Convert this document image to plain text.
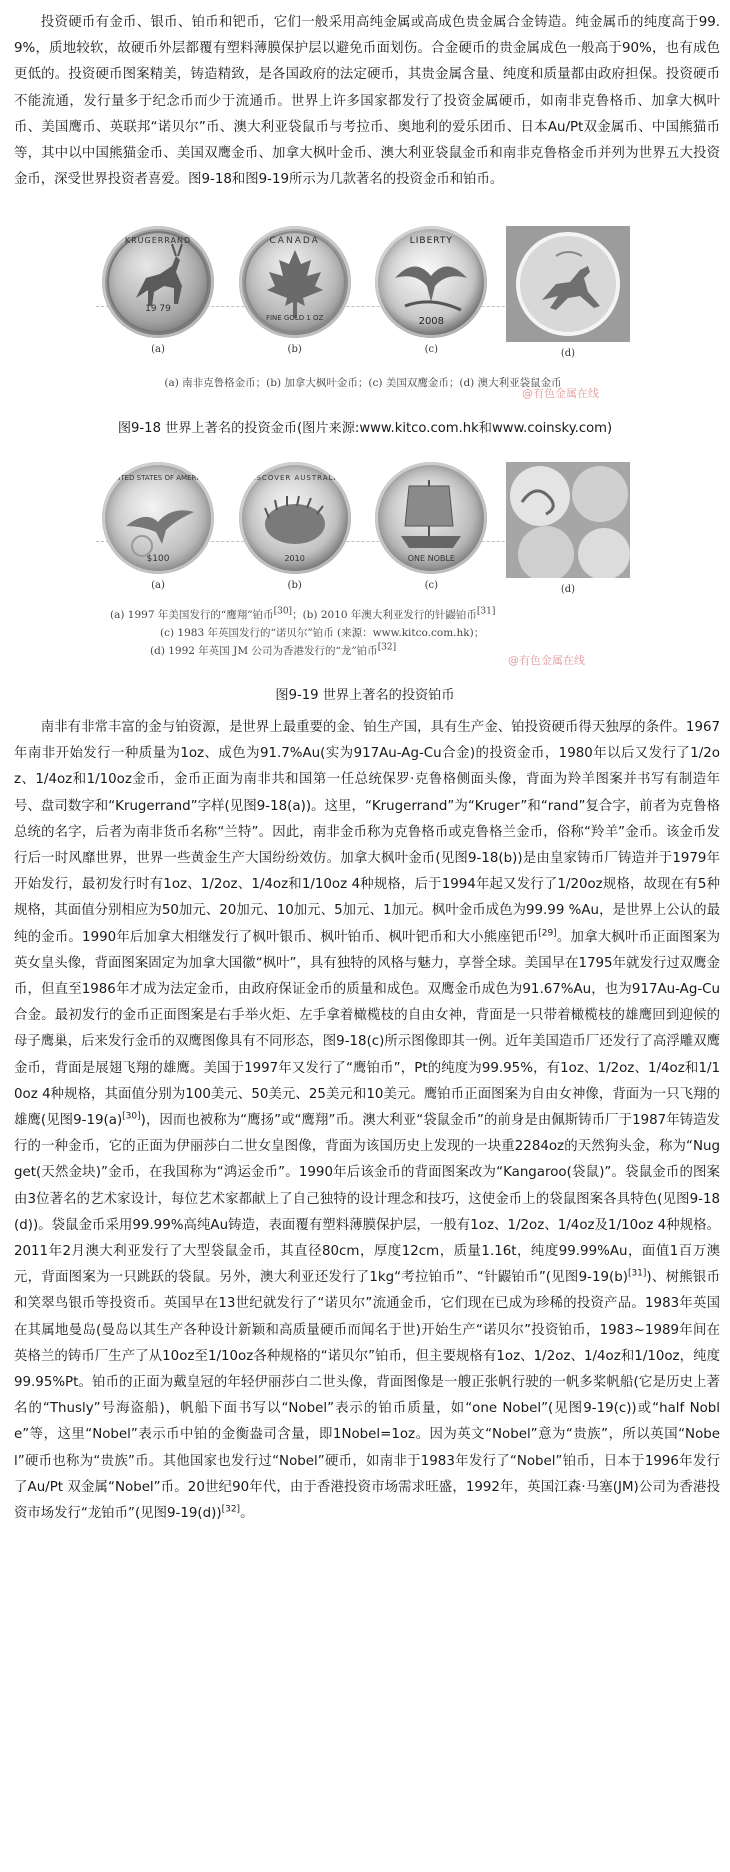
投资硬币有金币、银币、铂币和钯币，它们一般采用高纯金属或高成色贵金属合金铸造。纯金属币的纯度高于99.9%，质地较软，故硬币外层都覆有塑料薄膜保护层以避免币面划伤。合金硬币的贵金属成色一般高于90%，也有成色更低的。投资硬币图案精美，铸造精致，是各国政府的法定硬币，其贵金属含量、纯度和质量都由政府担保。投资硬币不能流通，发行量多于纪念币而少于流通币。世界上许多国家都发行了投资金属硬币，如南非克鲁格币、加拿大枫叶币、美国鹰币、英联邦“诺贝尔”币、澳大利亚袋鼠币与考拉币、奥地利的爱乐团币、日本Au/Pt双金属币、中国熊猫币等，其中以中国熊猫金币、美国双鹰金币、加拿大枫叶金币、澳大利亚袋鼠金币和南非克鲁格金币并列为世界五大投资金币，深受世界投资者喜爱。图9-18和图9-19所示为几款著名的投资金币和铂币。

KRUGERRAND
19 79
(a)
CANADA
FINE GOLD 1 OZ
(b)
LIBERTY
2008
(c)	(d)
(a) 南非克鲁格金币；(b) 加拿大枫叶金币；(c) 美国双鹰金币；(d) 澳大利亚袋鼠金币
@有色金属在线
图9-18 世界上著名的投资金币(图片来源:www.kitco.com.hk和www.coinsky.com)
UNITED STATES OF AMERICA
$100
(a)
DISCOVER AUSTRALIA
2010
(b)
ONE NOBLE
(c)	(d)
(a) 1997 年美国发行的“鹰翔”铂币[30]；(b) 2010 年澳大利亚发行的针鼹铂币[31]
(c) 1983 年英国发行的“诺贝尔”铂币 (来源：www.kitco.com.hk)；
(d) 1992 年英国 JM 公司为香港发行的“龙”铂币[32]
@有色金属在线
图9-19 世界上著名的投资铂币

南非有非常丰富的金与铂资源，是世界上最重要的金、铂生产国，具有生产金、铂投资硬币得天独厚的条件。1967年南非开始发行一种质量为1oz、成色为91.7%Au(实为917Au-Ag-Cu合金)的投资金币，1980年以后又发行了1/2oz、1/4oz和1/10oz金币，金币正面为南非共和国第一任总统保罗·克鲁格侧面头像，背面为羚羊图案并书写有制造年号、盘司数字和“Krugerrand”字样(见图9-18(a))。这里，“Krugerrand”为“Kruger”和“rand”复合字，前者为克鲁格总统的名字，后者为南非货币名称“兰特”。因此，南非金币称为克鲁格币或克鲁格兰金币，俗称“羚羊”金币。该金币发行后一时风靡世界，世界一些黄金生产大国纷纷效仿。加拿大枫叶金币(见图9-18(b))是由皇家铸币厂铸造并于1979年开始发行，最初发行时有1oz、1/2oz、1/4oz和1/10oz 4种规格，后于1994年起又发行了1/20oz规格，故现在有5种规格，其面值分别相应为50加元、20加元、10加元、5加元、1加元。枫叶金币成色为99.99 %Au，是世界上公认的最纯的金币。1990年后加拿大相继发行了枫叶银币、枫叶铂币、枫叶钯币和大小熊座钯币[29]。加拿大枫叶币正面图案为英女皇头像，背面图案固定为加拿大国徽“枫叶”，具有独特的风格与魅力，享誉全球。美国早在1795年就发行过双鹰金币，但直至1986年才成为法定金币，由政府保证金币的质量和成色。双鹰金币成色为91.67%Au，也为917Au-Ag-Cu合金。最初发行的金币正面图案是右手举火炬、左手拿着橄榄枝的自由女神，背面是一只带着橄榄枝的雄鹰回到迎候的母子鹰巢，后来发行金币的双鹰图像具有不同形态，图9-18(c)所示图像即其一例。近年美国造币厂还发行了高浮雕双鹰金币，背面是展翅飞翔的雄鹰。美国于1997年又发行了“鹰铂币”，Pt的纯度为99.95%，有1oz、1/2oz、1/4oz和1/10oz 4种规格，其面值分别为100美元、50美元、25美元和10美元。鹰铂币正面图案为自由女神像，背面为一只飞翔的雄鹰(见图9-19(a)[30])，因而也被称为“鹰扬”或“鹰翔”币。澳大利亚“袋鼠金币”的前身是由佩斯铸币厂于1987年铸造发行的一种金币，它的正面为伊丽莎白二世女皇图像，背面为该国历史上发现的一块重2284oz的天然狗头金，称为“Nugget(天然金块)”金币，在我国称为“鸿运金币”。1990年后该金币的背面图案改为“Kangaroo(袋鼠)”。袋鼠金币的图案由3位著名的艺术家设计，每位艺术家都献上了自己独特的设计理念和技巧，这使金币上的袋鼠图案各具特色(见图9-18(d))。袋鼠金币采用99.99%高纯Au铸造，表面覆有塑料薄膜保护层，一般有1oz、1/2oz、1/4oz及1/10oz 4种规格。2011年2月澳大利亚发行了大型袋鼠金币，其直径80cm，厚度12cm，质量1.16t，纯度99.99%Au，面值1百万澳元，背面图案为一只跳跃的袋鼠。另外，澳大利亚还发行了1kg“考拉铂币”、“针鼹铂币”(见图9-19(b)[31])、树熊银币和笑翠鸟银币等投资币。英国早在13世纪就发行了“诺贝尔”流通金币，它们现在已成为珍稀的投资产品。1983年英国在其属地曼岛(曼岛以其生产各种设计新颖和高质量硬币而闻名于世)开始生产“诺贝尔”投资铂币，1983~1989年间在英格兰的铸币厂生产了从10oz至1/10oz各种规格的“诺贝尔”铂币，但主要规格有1oz、1/2oz、1/4oz和1/10oz，纯度99.95%Pt。铂币的正面为戴皇冠的年轻伊丽莎白二世头像，背面图像是一艘正张帆行驶的一帆多桨帆船(它是历史上著名的“Thusly”号海盗船)，帆船下面书写以“Nobel”表示的铂币质量，如“one Nobel”(见图9-19(c))或“half Noble”等，这里“Nobel”表示币中铂的金衡盎司含量，即1Nobel=1oz。因为英文“Nobel”意为“贵族”，所以英国“Nobel”硬币也称为“贵族”币。其他国家也发行过“Nobel”硬币，如南非于1983年发行了“Nobel”铂币，日本于1996年发行了Au/Pt 双金属“Nobel”币。20世纪90年代，由于香港投资市场需求旺盛，1992年，英国江森·马塞(JM)公司为香港投资市场发行“龙铂币”(见图9-19(d))[32]。
